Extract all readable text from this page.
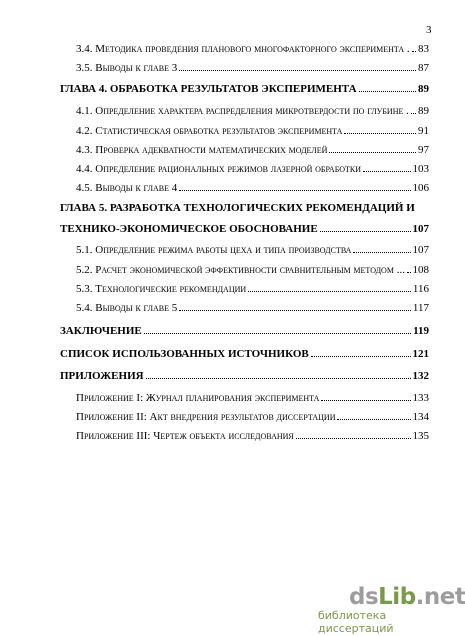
3
3.4. Методика проведения планового многофакторного эксперимента . 83
3.5. Выводы к главе 3	87
ГЛАВА 4. ОБРАБОТКА РЕЗУЛЬТАТОВ ЭКСПЕРИМЕНТА	89
4.1. Определение характера распределения микротвердости по глубине . 89
4.2. Статистическая обработка результатов эксперимента	91
4.3. Проверка адекватности математических моделей	97
4.4. Определение рациональных режимов лазерной обработки	103
4.5. Выводы к главе 4	106
ГЛАВА 5. РАЗРАБОТКА ТЕХНОЛОГИЧЕСКИХ РЕКОМЕНДАЦИЙ И
ТЕХНИКО-ЭКОНОМИЧЕСКОЕ ОБОСНОВАНИЕ	107
5.1. Определение режима работы цеха и типа производства	107
5.2. Расчет экономической эффективности сравнительным методом ... 108
5.3. Технологические рекомендации	116
5.4. Выводы к главе 5	117
ЗАКЛЮЧЕНИЕ	119
СПИСОК ИСПОЛЬЗОВАННЫХ ИСТОЧНИКОВ	121
ПРИЛОЖЕНИЯ	132
Приложение I: Журнал планирования эксперимента	133
Приложение II: Акт внедрения результатов диссертации	134
Приложение III: Чертеж объекта исследования	135
dsLib.net
библиотека диссертаций
